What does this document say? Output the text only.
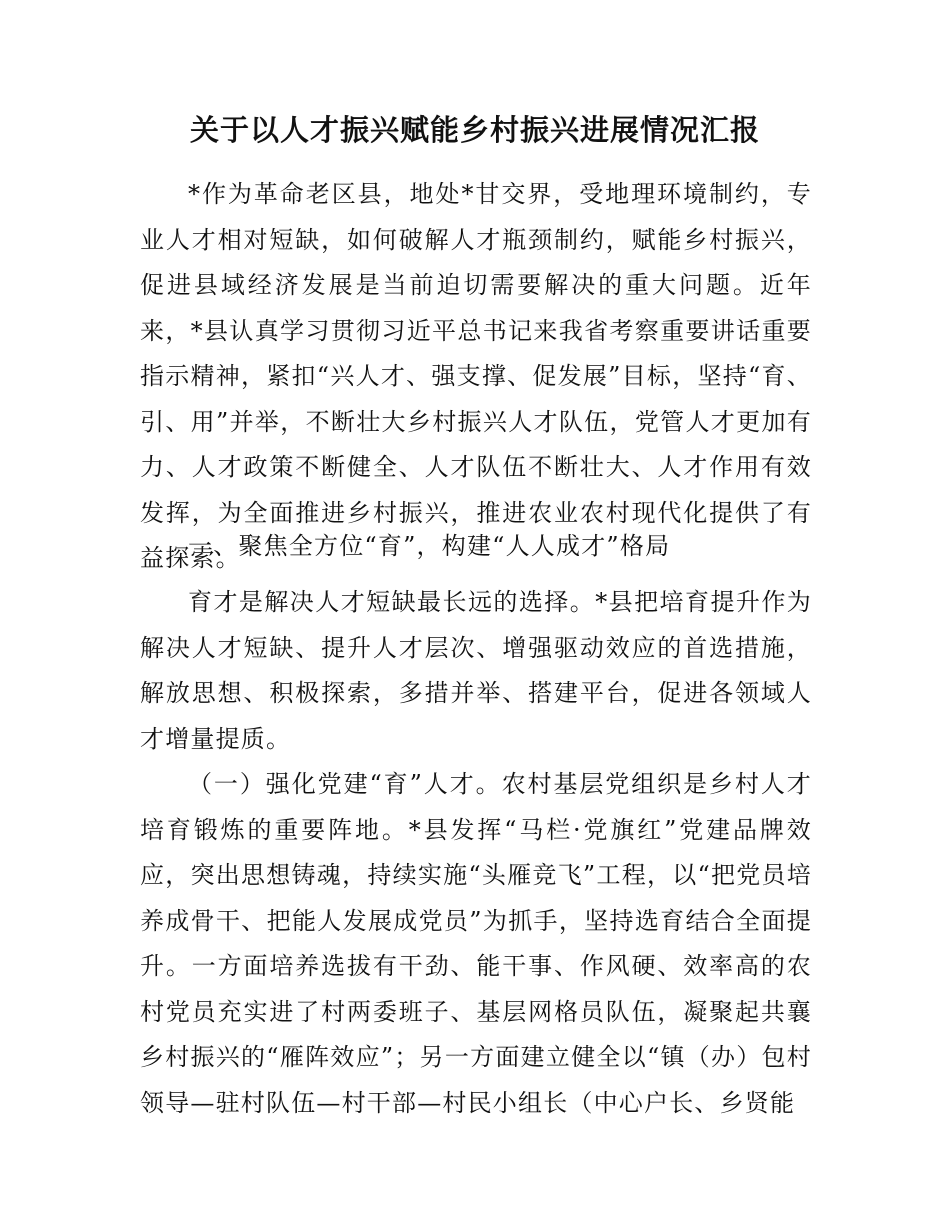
关于以人才振兴赋能乡村振兴进展情况汇报

*作为革命老区县，地处*甘交界，受地理环境制约，专业人才相对短缺，如何破解人才瓶颈制约，赋能乡村振兴，促进县域经济发展是当前迫切需要解决的重大问题。近年来，*县认真学习贯彻习近平总书记来我省考察重要讲话重要指示精神，紧扣“兴人才、强支撑、促发展”目标，坚持“育、引、用”并举，不断壮大乡村振兴人才队伍，党管人才更加有力、人才政策不断健全、人才队伍不断壮大、人才作用有效发挥，为全面推进乡村振兴，推进农业农村现代化提供了有益探索。

一、聚焦全方位“育”，构建“人人成才”格局

育才是解决人才短缺最长远的选择。*县把培育提升作为解决人才短缺、提升人才层次、增强驱动效应的首选措施，解放思想、积极探索，多措并举、搭建平台，促进各领域人才增量提质。

（一）强化党建“育”人才。农村基层党组织是乡村人才培育锻炼的重要阵地。*县发挥“马栏·党旗红”党建品牌效应，突出思想铸魂，持续实施“头雁竞飞”工程，以“把党员培养成骨干、把能人发展成党员”为抓手，坚持选育结合全面提升。一方面培养选拔有干劲、能干事、作风硬、效率高的农村党员充实进了村两委班子、基层网格员队伍，凝聚起共襄乡村振兴的“雁阵效应”；另一方面建立健全以“镇（办）包村领导—驻村队伍—村干部—村民小组长（中心户长、乡贤能
